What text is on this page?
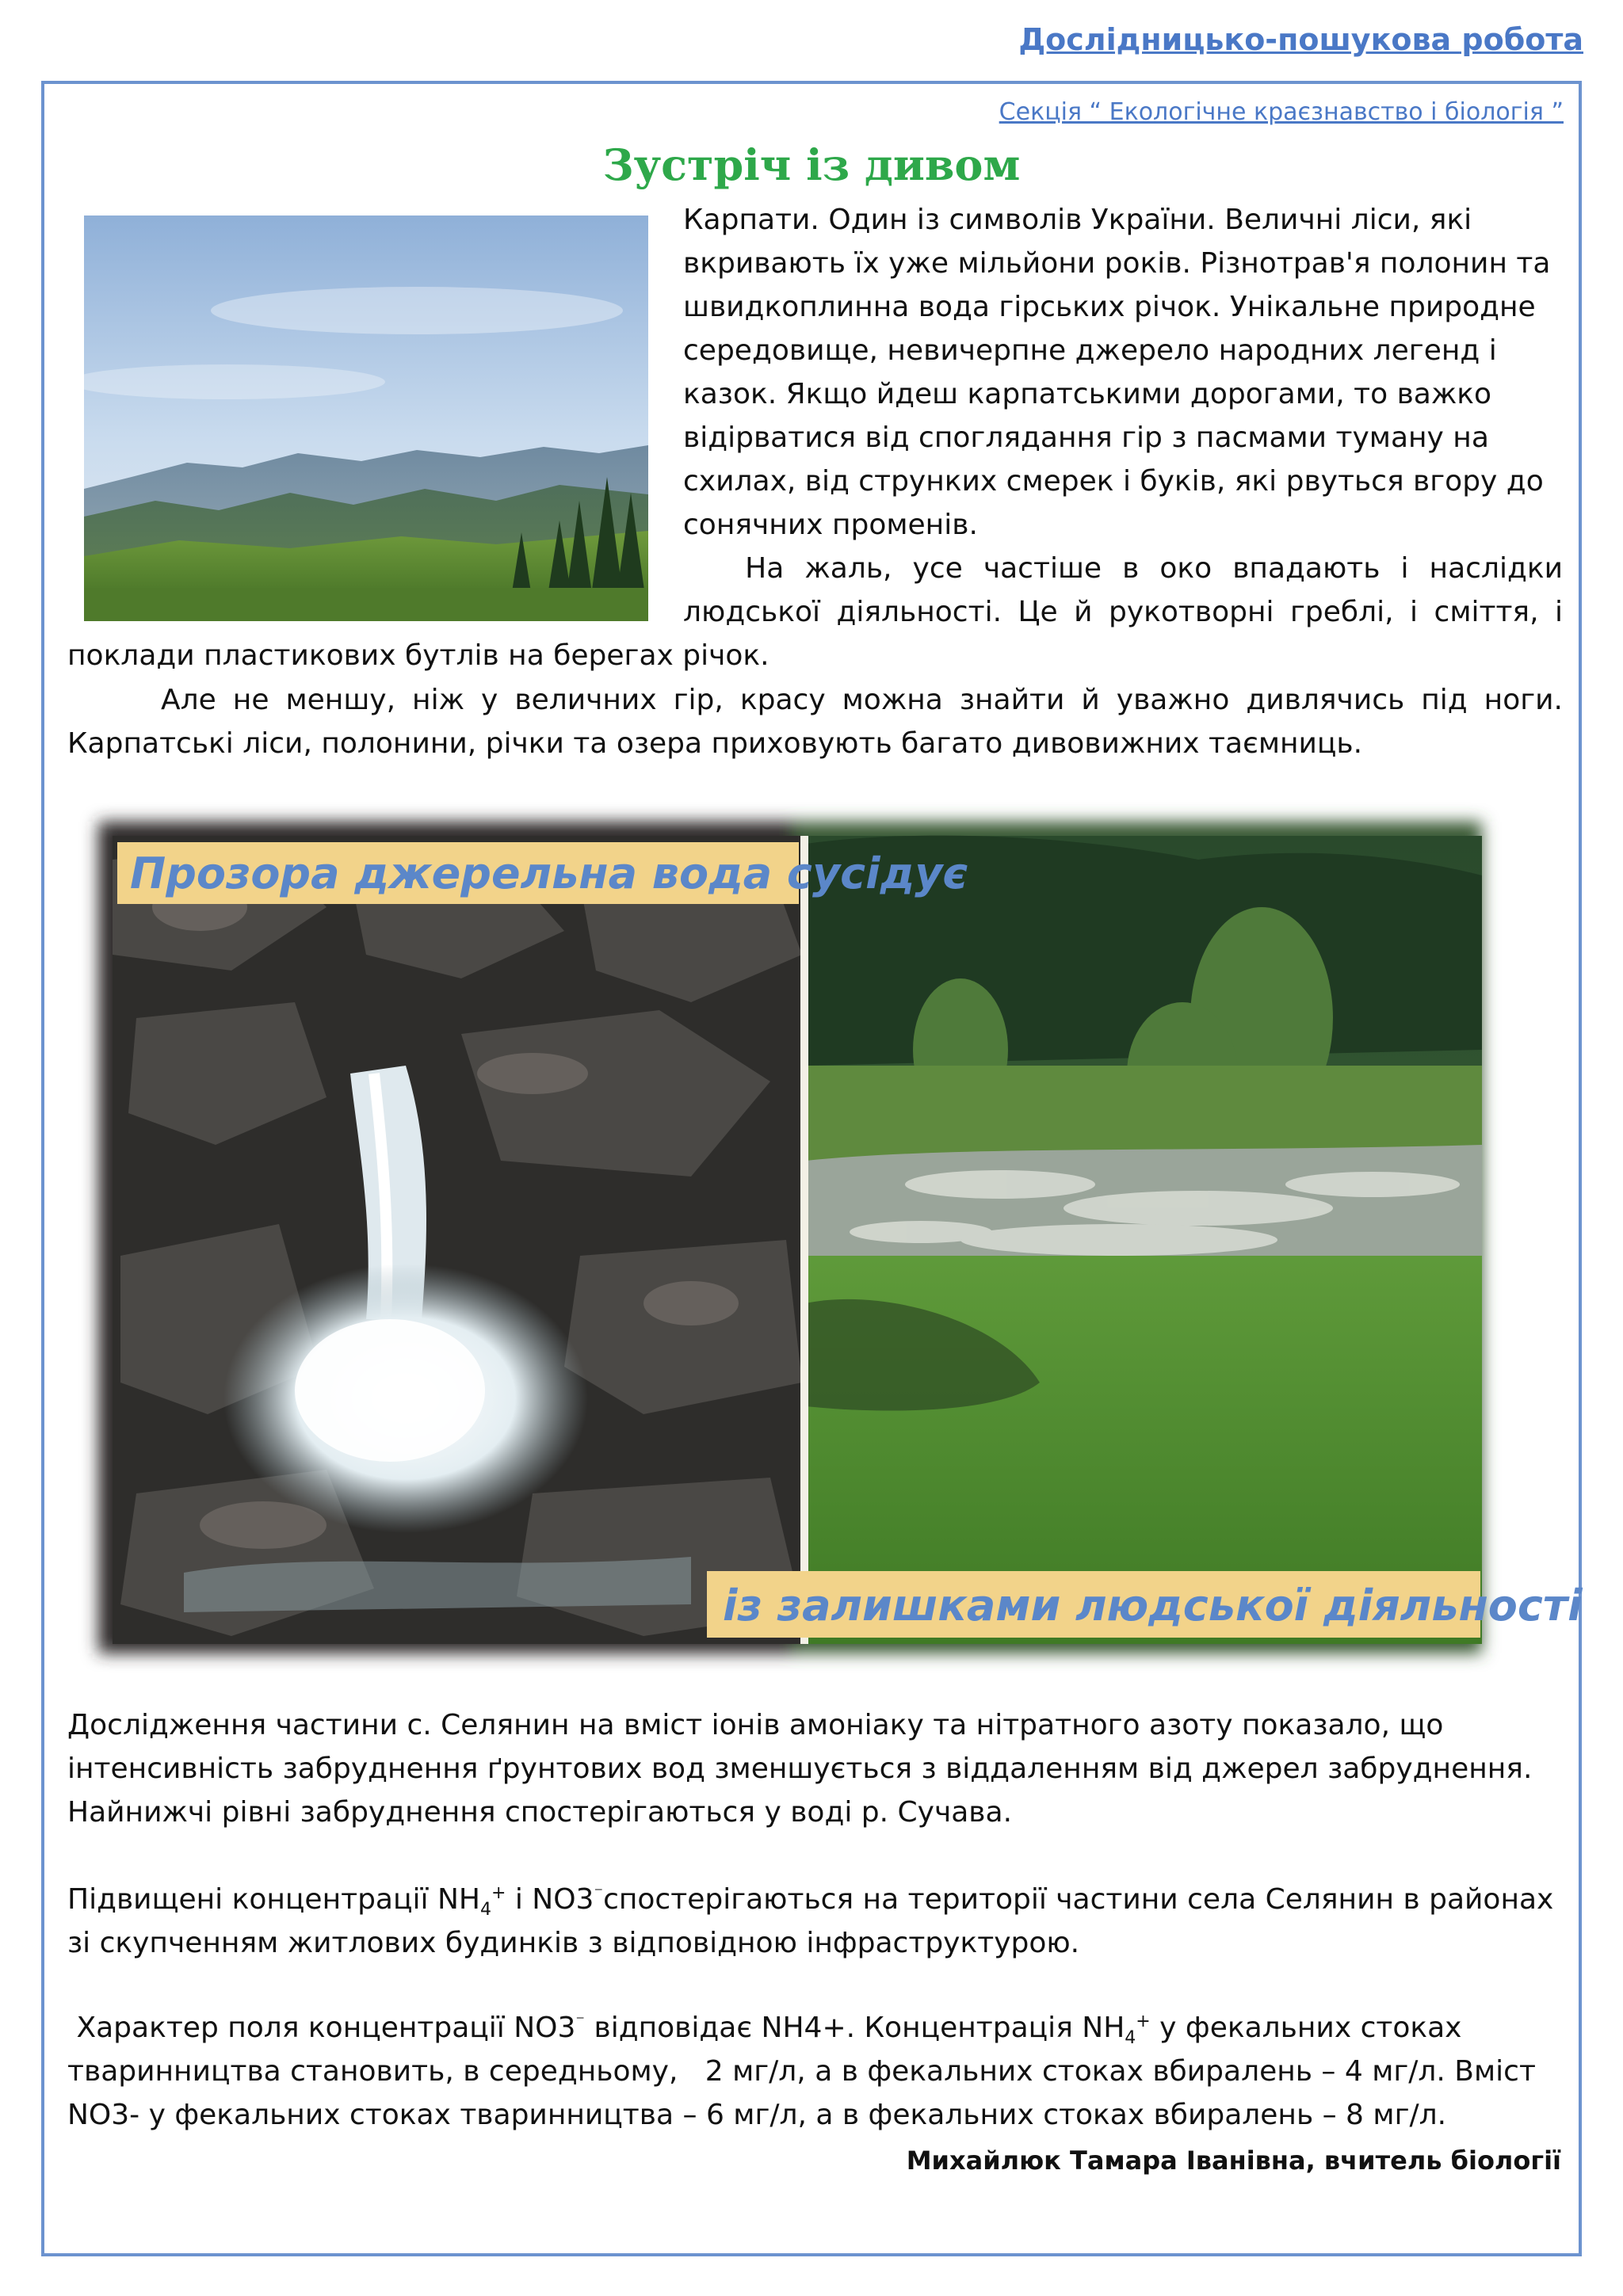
Дослідницько-пошукова робота
Секція “ Екологічне краєзнавство і біологія ”
Зустріч із дивом
Карпати. Один із символів України. Величні ліси, які вкривають їх уже мільйони років. Різнотрав'я полонин та швидкоплинна вода гірських річок. Унікальне природне середовище, невичерпне джерело народних легенд і казок. Якщо йдеш карпатськими дорогами, то важко відірватися від споглядання гір з пасмами туману на схилах, від струнких смерек і буків, які рвуться вгору до сонячних променів.
На жаль, усе частіше в око впадають і наслідки
людської діяльності. Це й рукотворні греблі, і сміття, і
поклади пластикових бутлів на берегах річок.
Але не меншу, ніж у величних гір, красу можна знайти й уважно дивлячись під ноги.
Карпатські ліси, полонини, річки та озера приховують багато дивовижних таємниць.
Прозора джерельна вода сусідує
із залишками людської діяльності
Дослідження частини с. Селянин на вміст іонів амоніаку та нітратного азоту показало, що інтенсивність забруднення ґрунтових вод зменшується з віддаленням від джерел забруднення. Найнижчі рівні забруднення спостерігаються у воді р. Сучава.
Підвищені концентрації $NH_4^+$ і NO3⁻спостерігаються на території частини села Селянин в районах зі скупченням житлових будинків з відповідною інфраструктурою.
Характер поля концентрації NO3⁻ відповідає NH4+. Концентрація $NH_4^+$ у фекальних стоках тваринництва становить, в середньому,   2 мг/л, а в фекальних стоках вбиралень – 4 мг/л. Вміст NO3- у фекальних стоках тваринництва – 6 мг/л, а в фекальних стоках вбиралень – 8 мг/л.
Михайлюк Тамара Іванівна, вчитель біології
